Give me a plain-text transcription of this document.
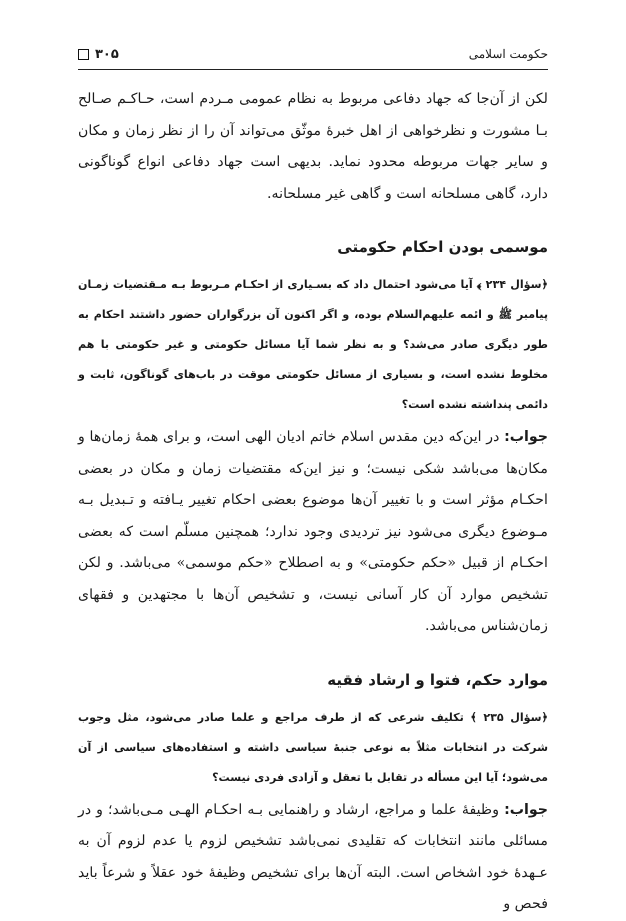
حکومت اسلامی
۳۰۵

لکن از آن‌جا که جهاد دفاعی مربوط به نظام عمومی مـردم است، حـاکـم صـالح بـا مشورت و نظرخواهی از اهل خبرهٔ موثّق می‌تواند آن را از نظر زمان و مکان و سایر جهات مربوطه محدود نماید. بدیهی است جهاد دفاعی انواع گوناگونی دارد، گاهی مسلحانه است و گاهی غیر مسلحانه.

موسمی بودن احکام حکومتی

﴿سؤال ۲۳۴ ﴾ آیا می‌شود احتمال داد که بسـیاری از احکـام مـربوط بـه مـقتضیات زمـان پیامبر ﷺ و ائمه علیهم‌السلام بوده، و اگر اکنون آن بزرگواران حضور داشتند احکام به طور دیگری صادر می‌شد؟ و به نظر شما آیا مسائل حکومتی و غیر حکومتی با هم مخلوط نشده است، و بسیاری از مسائل حکومتی موقت در باب‌های گوناگون، ثابت و دائمی پنداشته نشده است؟

جواب: در این‌که دین مقدس اسلام خاتم ادیان الهی است، و برای همهٔ زمان‌ها و مکان‌ها می‌باشد شکی نیست؛ و نیز این‌که مقتضیات زمان و مکان در بعضی احکـام مؤثر است و با تغییر آن‌ها موضوع بعضی احکام تغییر یـافته و تـبدیل بـه مـوضوع دیگری می‌شود نیز تردیدی وجود ندارد؛ همچنین مسلّم است که بعضی احکـام از قبیل «حکم حکومتی» و به اصطلاح «حکم موسمی» می‌باشد. و لکن تشخیص موارد آن کار آسانی نیست، و تشخیص آن‌ها با مجتهدین و فقهای زمان‌شناس می‌باشد.

موارد حکم، فتوا و ارشاد فقیه

﴿سؤال ۲۳۵ ﴾ تکلیف شرعی که از طرف مراجع و علما صادر می‌شود، مثل وجوب شرکت در انتخابات مثلاً به نوعی جنبهٔ سیاسی داشته و استفاده‌های سیاسی از آن می‌شود؛ آیا این مسأله در تقابل با تعقل و آزادی فردی نیست؟

جواب: وظیفهٔ علما و مراجع، ارشاد و راهنمایی بـه احکـام الهـی مـی‌باشد؛ و در مسائلی مانند انتخابات که تقلیدی نمی‌باشد تشخیص لزوم یا عدم لزوم آن به عـهدهٔ خود اشخاص است. البته آن‌ها برای تشخیص وظیفهٔ خود عقلاً و شرعاً باید فحص و
